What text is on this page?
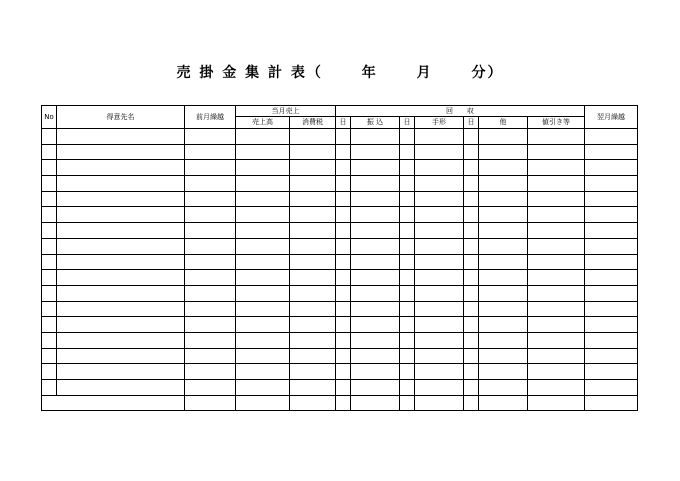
売 掛 金 集 計 表（　 　年 　　月　 　分）
No	得意先名	前月繰越	当月売上		回　　収							翌月繰越
			売上高	消費税	日	振 込	日	手形	日	他	値引き等	
